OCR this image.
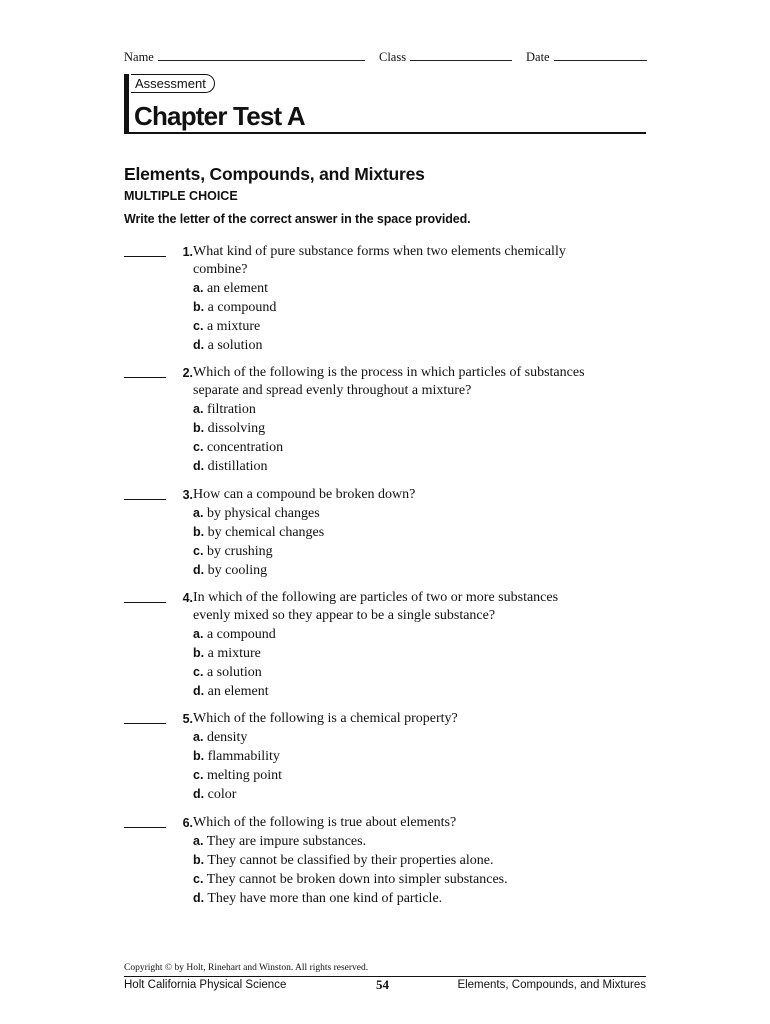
Name	Class	Date
Assessment
Chapter Test A
Elements, Compounds, and Mixtures
MULTIPLE CHOICE
Write the letter of the correct answer in the space provided.
1. What kind of pure substance forms when two elements chemically
combine?
a. an element
b. a compound
c. a mixture
d. a solution
2. Which of the following is the process in which particles of substances
separate and spread evenly throughout a mixture?
a. filtration
b. dissolving
c. concentration
d. distillation
3. How can a compound be broken down?
a. by physical changes
b. by chemical changes
c. by crushing
d. by cooling
4. In which of the following are particles of two or more substances
evenly mixed so they appear to be a single substance?
a. a compound
b. a mixture
c. a solution
d. an element
5. Which of the following is a chemical property?
a. density
b. flammability
c. melting point
d. color
6. Which of the following is true about elements?
a. They are impure substances.
b. They cannot be classified by their properties alone.
c. They cannot be broken down into simpler substances.
d. They have more than one kind of particle.
Copyright © by Holt, Rinehart and Winston. All rights reserved.
Holt California Physical Science	54	Elements, Compounds, and Mixtures
